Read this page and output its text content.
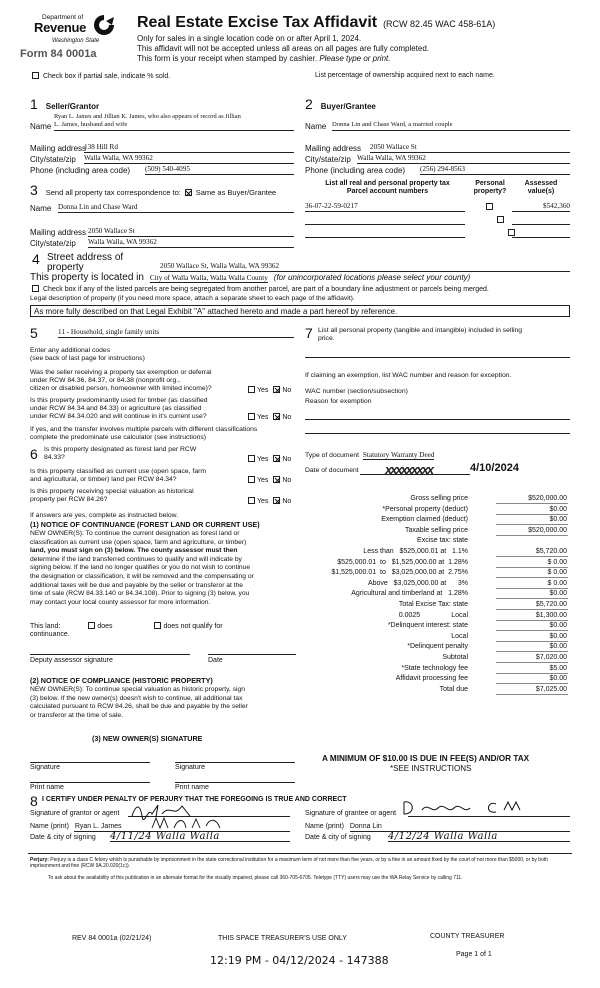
Department of
Revenue
Washington State
Form 84 0001a
Real Estate Excise Tax Affidavit (RCW 82.45 WAC 458-61A)
Only for sales in a single location code on or after April 1, 2024.
This affidavit will not be accepted unless all areas on all pages are fully completed.
This form is your receipt when stamped by cashier. Please type or print.
Check box if partial sale, indicate % sold.	List percentage of ownership acquired next to each name.
1 Seller/Grantor
Ryan L. James and Jillian K. James, who also appears of record as Jillian
Name L. James, husband and wife
Mailing address
138 Hill Rd
City/state/zip Walla Walla, WA 99362
Phone (including area code) (509) 540-4095
2 Buyer/Grantee
Name Donna Lin and Chase Ward, a married couple
Mailing address 2050 Wallace St
City/state/zip Walla Walla, WA 99362
Phone (including area code) (256) 294-8563
List all real and personal property tax
Parcel account numbers
Personal
property?
Assessed
value(s)
36-07-22-59-0217
	$542,360

3 Send all property tax correspondence to: Same as Buyer/Grantee
Name Donna Lin and Chase Ward
Mailing address 2050 Wallace St
City/state/zip Walla Walla, WA 99362
4 Street address of
property	2050 Wallace St, Walla Walla, WA 99362
This property is located in City of Walla Walla, Walla Walla County (for unincorporated locations please select your county)
Check box if any of the listed parcels are being segregated from another parcel, are part of a boundary line adjustment or parcels being merged.
Legal description of property (if you need more space, attach a separate sheet to each page of the affidavit).
As more fully described on that Legal Exhibit "A" attached hereto and made a part hereof by reference.
5	11 - Household, single family units
Enter any additional codes
(see back of last page for instructions)
Was the seller receiving a property tax exemption or deferral
under RCW 84.36, 84.37, or 84.38 (nonprofit org.,
citizen or disabled person, homeowner with limited income)?	Yes No
Is this property predominantly used for timber (as classified
under RCW 84.34 and 84.33) or agriculture (as classified
under RCW 84.34.020 and will continue in it's current use?	Yes No
If yes, and the transfer involves multiple parcels with different classifications
complete the predominate use calculator (see instructions)
6 Is this property designated as forest land per RCW
84.33?	Yes No
Is this property classified as current use (open space, farm
and agricultural, or timber) land per RCW 84.34?	Yes No
Is this property receiving special valuation as historical
property per RCW 84.26?	Yes No
If answers are yes, complete as instructed below.
(1) NOTICE OF CONTINUANCE (FOREST LAND OR CURRENT USE)
NEW OWNER(S): To continue the current designation as forest land or
classification as current use (open space, farm and agriculture, or timber)
land, you must sign on (3) below. The county assessor must then
determine if the land transferred continues to qualify and will indicate by
signing below. If the land no longer qualifies or you do not wish to continue
the designation or classification, it will be removed and the compensating or
additional taxes will be due and payable by the seller or transferor at the
time of sale (RCW 84.33.140 or 84.34.108). Prior to signing (3) below, you
may contact your local county assessor for more information.
This land:	does	does not qualify for
continuance.
Deputy assessor signature	Date
(2) NOTICE OF COMPLIANCE (HISTORIC PROPERTY)
NEW OWNER(S): To continue special valuation as historic property, sign
(3) below. If the new owner(s) doesn't wish to continue, all additional tax
calculated pursuant to RCW 84.26, shall be due and payable by the seller
or transferor at the time of sale.
(3) NEW OWNER(S) SIGNATURE
Signature	Signature
Print name	Print name
7 List all personal property (tangible and intangible) included in selling
price.
If claiming an exemption, list WAC number and reason for exception.
WAC number (section/subsection)
Reason for exemption
Type of document Statutory Warranty Deed
Date of document xxxxxxxxx	4/10/2024
Gross selling price	$520,000.00
*Personal property (deduct)	$0.00
Exemption claimed (deduct)	$0.00
Taxable selling price	$520,000.00
Excise tax: state
Less than   $525,000.01 at   1.1%	$5,720.00
$525,000.01  to   $1,525,000.00 at  1.28%	$ 0.00
$1,525,000.01  to   $3,025,000.00 at  2.75%	$ 0.00
Above   $3,025,000.00 at      3%	$ 0.00
Agricultural and timberland at   1.28%	$0.00
Total Excise Tax: state	$5,720.00
0.0025                Local	$1,300.00
*Delinquent interest: state	$0.00
Local	$0.00
*Delinquent penalty	$0.00
Subtotal	$7,020.00
*State technology fee	$5.00
Affidavit processing fee	$0.00
Total due	$7,025.00
A MINIMUM OF $10.00 IS DUE IN FEE(S) AND/OR TAX
*SEE INSTRUCTIONS
8 I CERTIFY UNDER PENALTY OF PERJURY THAT THE FOREGOING IS TRUE AND CORRECT
Signature of grantor or agent
Name (print) Ryan L. James
Date & city of signing 4/11/24 Walla Walla
Signature of grantee or agent
Name (print) Donna Lin
Date & city of signing 4/12/24 Walla Walla
Perjury: Perjury is a class C felony which is punishable by imprisonment in the state correctional institution for a maximum term of not more than five years, or by a fine in an amount fixed by the court of not more than $5000, or by both imprisonment and fine (RCW 9A.20.020(1c)).
To ask about the availability of this publication in an alternate format for the visually impaired, please call 360-705-6705. Teletype (TTY) users may use the WA Relay Service by calling 711.
REV 84 0001a (02/21/24)	THIS SPACE TREASURER'S USE ONLY	COUNTY TREASURER
Page 1 of 1
12:19 PM - 04/12/2024 - 147388
